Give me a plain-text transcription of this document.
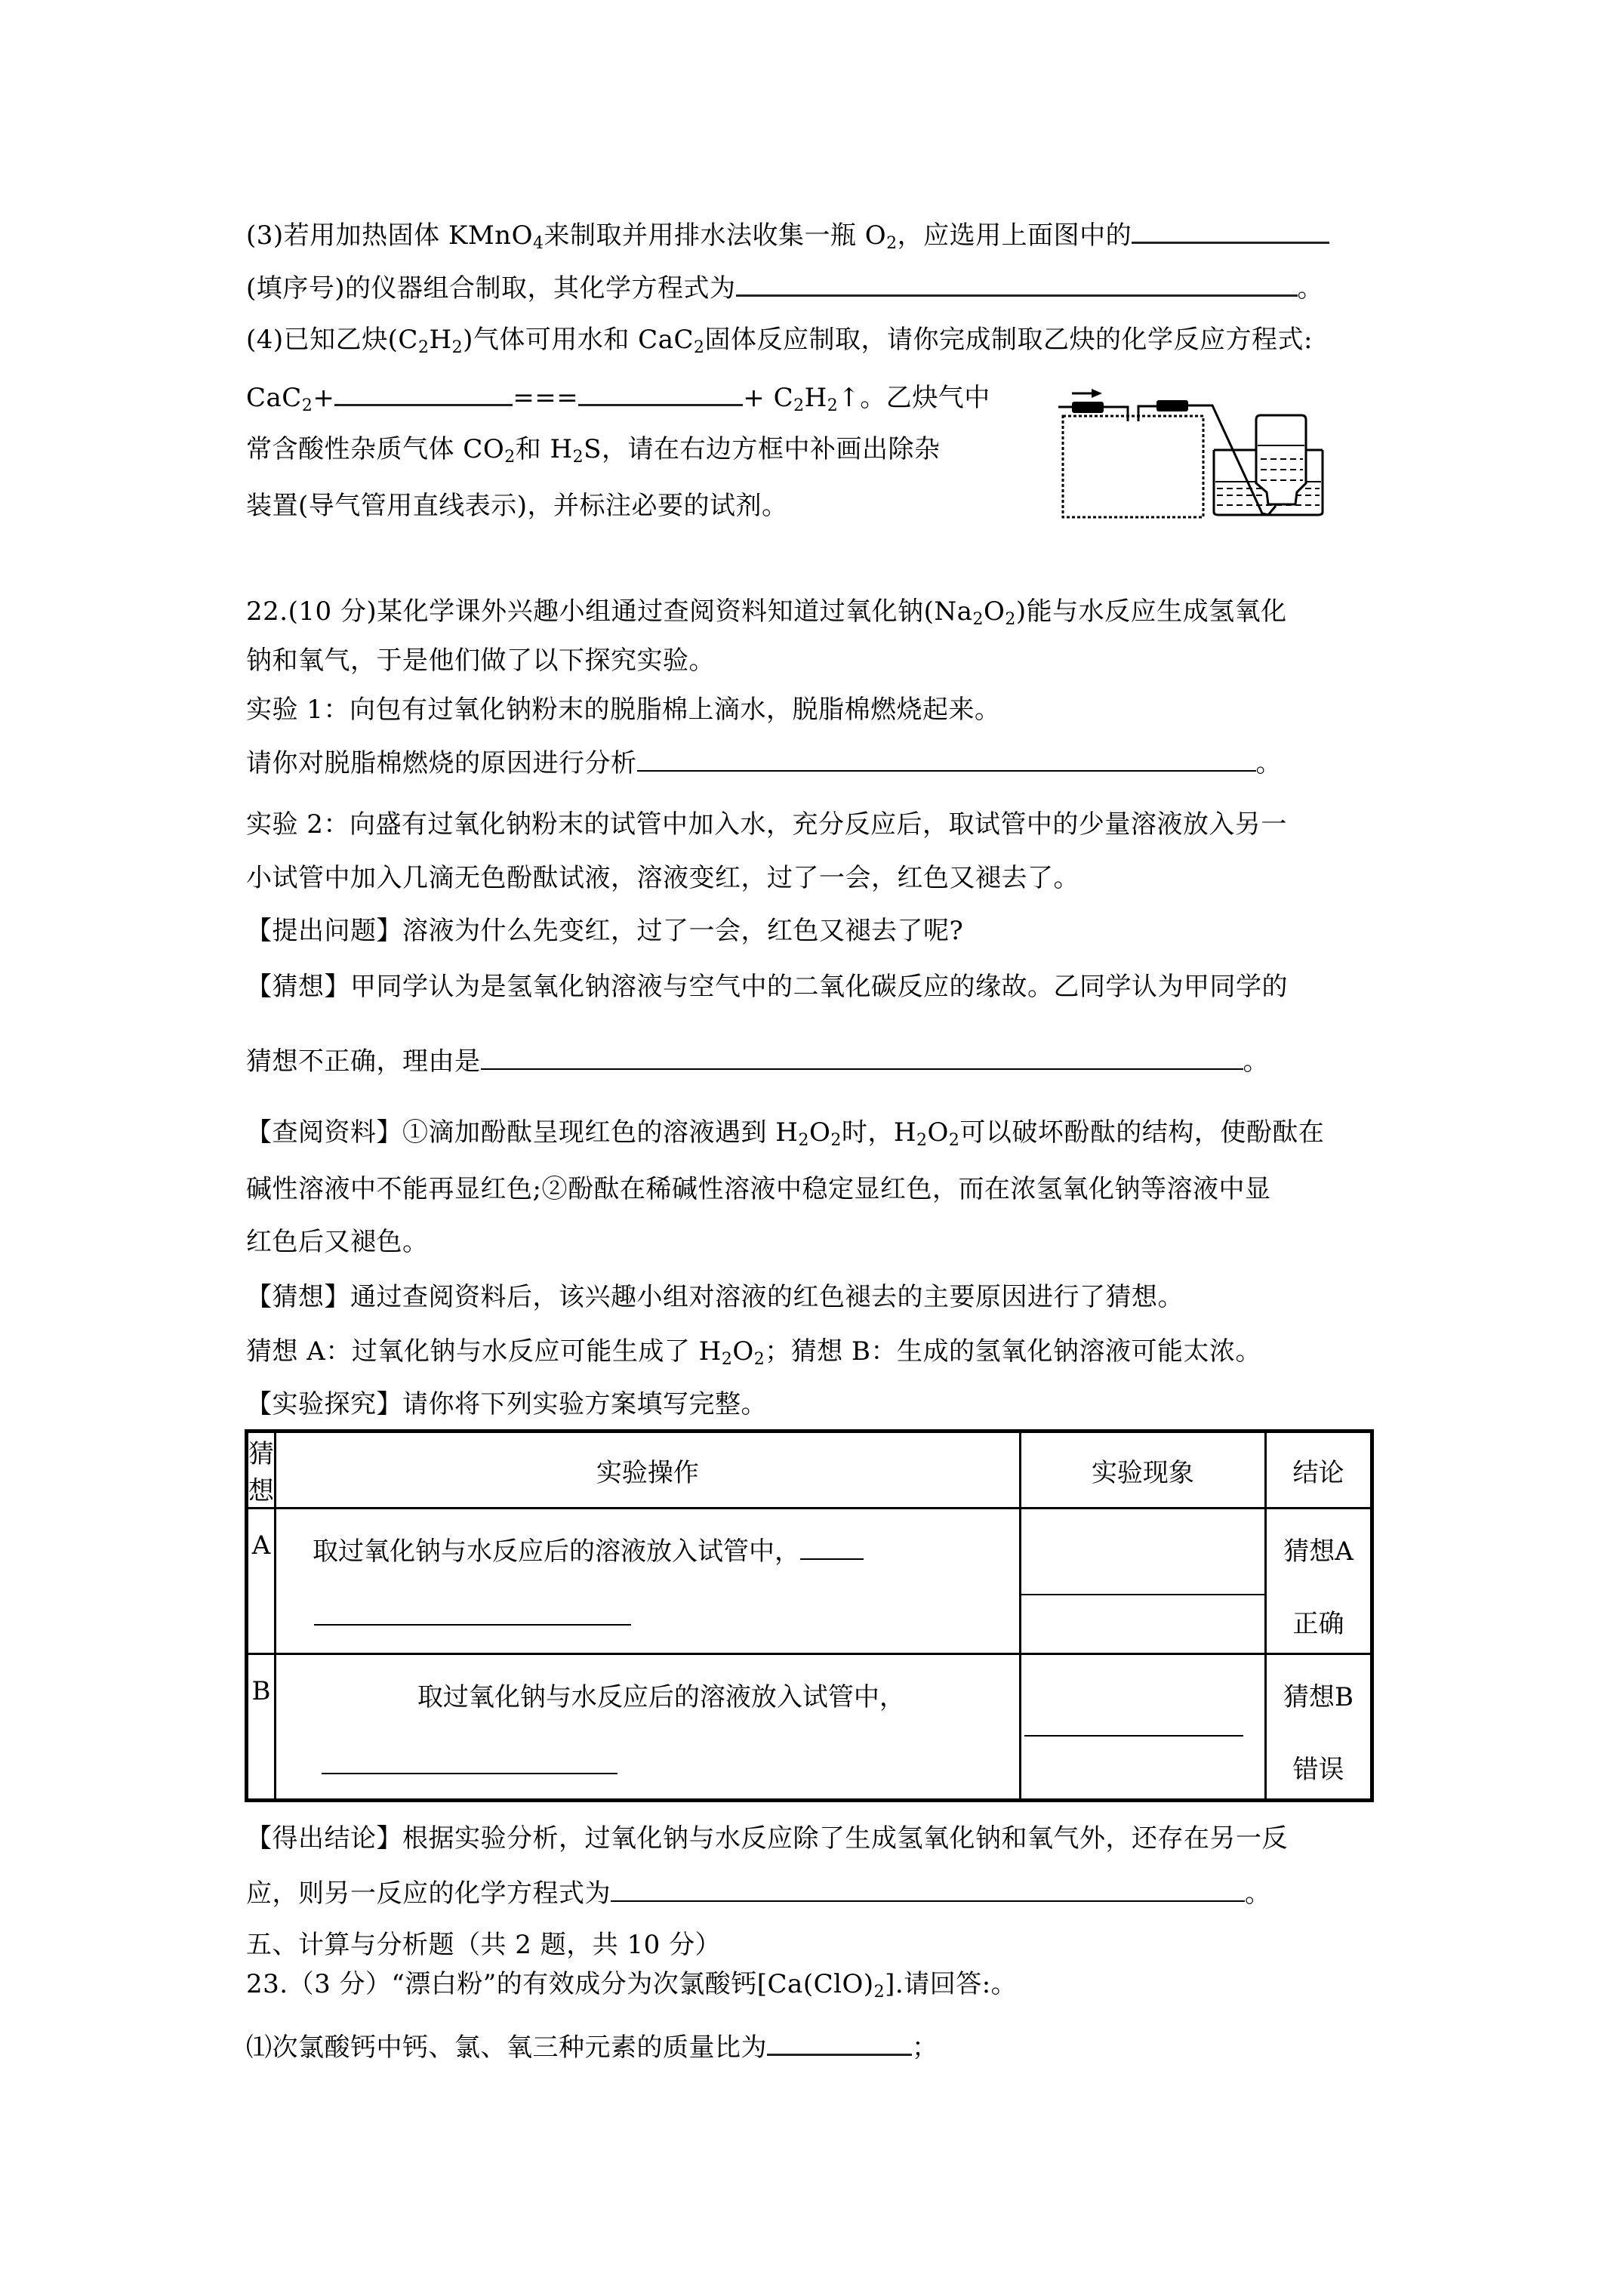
(3)若用加热固体 KMnO$_4$来制取并用排水法收集一瓶 $O_2$，应选用上面图中的
(填序号)的仪器组合制取，其化学方程式为	。
(4)已知乙炔$(C_2H_2)$气体可用水和 CaC$_2$固体反应制取，请你完成制取乙炔的化学反应方程式:
CaC$_2$+	===	+ $C_2H_2↑$。乙炔气中
常含酸性杂质气体 $CO_2$和 $H_2S$，请在右边方框中补画出除杂
装置(导气管用直线表示)，并标注必要的试剂。
22.(10 分)某化学课外兴趣小组通过查阅资料知道过氧化钠$(Na_2O_2)$能与水反应生成氢氧化
钠和氧气，于是他们做了以下探究实验。
实验 1：向包有过氧化钠粉末的脱脂棉上滴水，脱脂棉燃烧起来。
请你对脱脂棉燃烧的原因进行分析	。
实验 2：向盛有过氧化钠粉末的试管中加入水，充分反应后，取试管中的少量溶液放入另一
小试管中加入几滴无色酚酞试液，溶液变红，过了一会，红色又褪去了。
【提出问题】溶液为什么先变红，过了一会，红色又褪去了呢?
【猜想】甲同学认为是氢氧化钠溶液与空气中的二氧化碳反应的缘故。乙同学认为甲同学的
猜想不正确，理由是	。
【查阅资料】①滴加酚酞呈现红色的溶液遇到 $H_2O_2$时，$H_2O_2$可以破坏酚酞的结构，使酚酞在
碱性溶液中不能再显红色;②酚酞在稀碱性溶液中稳定显红色，而在浓氢氧化钠等溶液中显
红色后又褪色。
【猜想】通过查阅资料后，该兴趣小组对溶液的红色褪去的主要原因进行了猜想。
猜想 A：过氧化钠与水反应可能生成了 $H_2O_2$；猜想 B：生成的氢氧化钠溶液可能太浓。
【实验探究】请你将下列实验方案填写完整。
猜想	实验操作	实验现象	结论

A	取过氧化钠与水反应后的溶液放入试管中，		猜想A
正确

B	取过氧化钠与水反应后的溶液放入试管中，		猜想B
错误
【得出结论】根据实验分析，过氧化钠与水反应除了生成氢氧化钠和氧气外，还存在另一反
应，则另一反应的化学方程式为	。
五、计算与分析题（共 2 题，共 10 分）
23.（3 分）“漂白粉”的有效成分为次氯酸钙$[Ca(ClO)_2]$.请回答:。
⑴次氯酸钙中钙、氯、氧三种元素的质量比为	；
